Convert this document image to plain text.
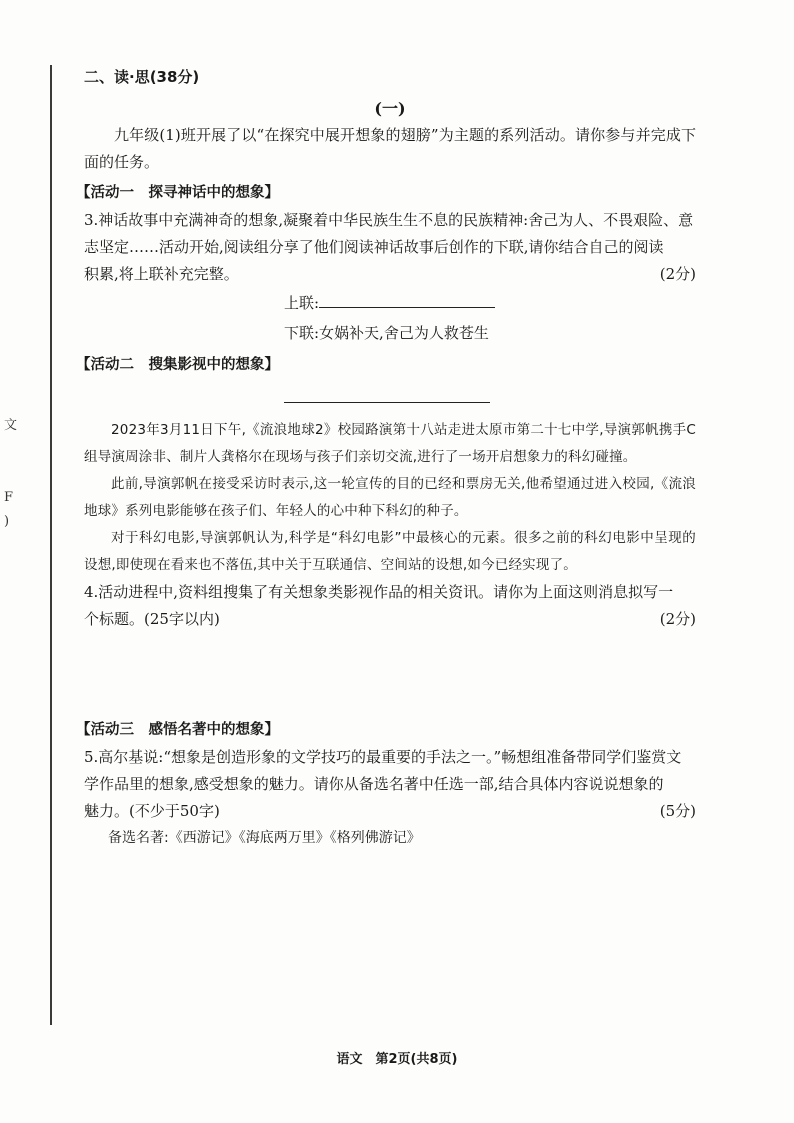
文
F
)
二、读·思(38分)
(一)

九年级(1)班开展了以“在探究中展开想象的翅膀”为主题的系列活动。请你参与并完成下面的任务。

【活动一　探寻神话中的想象】
3.神话故事中充满神奇的想象,凝聚着中华民族生生不息的民族精神:舍己为人、不畏艰险、意
志坚定……活动开始,阅读组分享了他们阅读神话故事后创作的下联,请你结合自己的阅读
积累,将上联补充完整。	(2分)
上联:
下联:女娲补天,舍己为人救苍生
【活动二　搜集影视中的想象】

2023年3月11日下午,《流浪地球2》校园路演第十八站走进太原市第二十七中学,导演郭帆携手C组导演周涂非、制片人龚格尔在现场与孩子们亲切交流,进行了一场开启想象力的科幻碰撞。

此前,导演郭帆在接受采访时表示,这一轮宣传的目的已经和票房无关,他希望通过进入校园,《流浪地球》系列电影能够在孩子们、年轻人的心中种下科幻的种子。

对于科幻电影,导演郭帆认为,科学是“科幻电影”中最核心的元素。很多之前的科幻电影中呈现的设想,即使现在看来也不落伍,其中关于互联通信、空间站的设想,如今已经实现了。

4.活动进程中,资料组搜集了有关想象类影视作品的相关资讯。请你为上面这则消息拟写一
个标题。(25字以内)	(2分)
【活动三　感悟名著中的想象】
5.高尔基说:“想象是创造形象的文学技巧的最重要的手法之一。”畅想组准备带同学们鉴赏文
学作品里的想象,感受想象的魅力。请你从备选名著中任选一部,结合具体内容说说想象的
魅力。(不少于50字)	(5分)
备选名著:《西游记》《海底两万里》《格列佛游记》
语文　第2页(共8页)
